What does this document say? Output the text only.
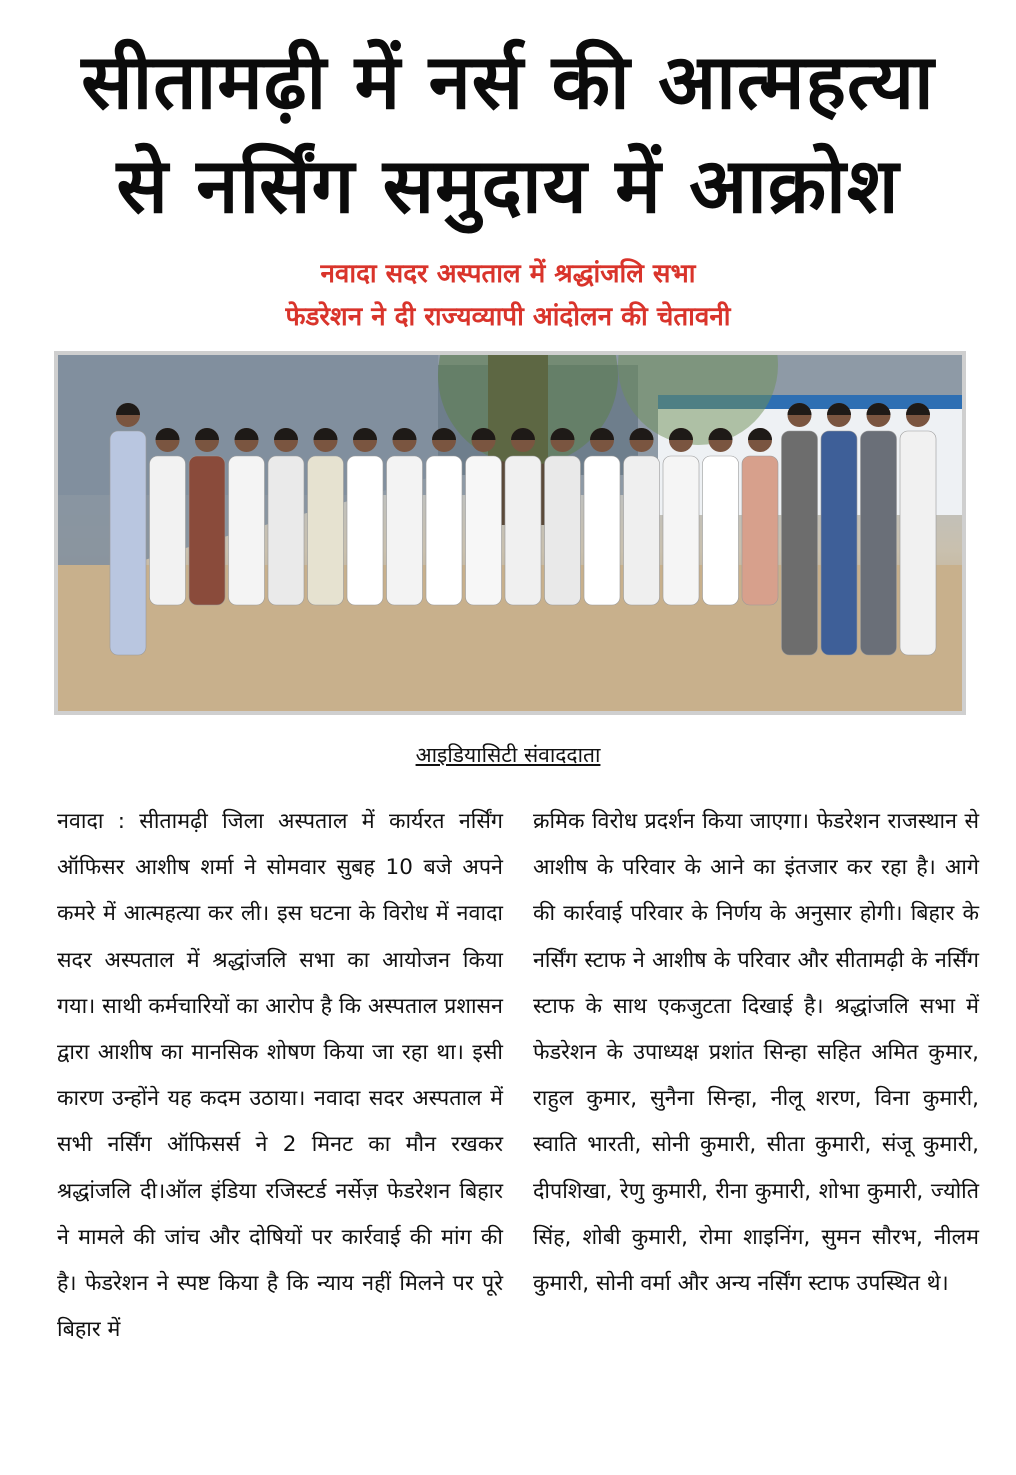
सीतामढ़ी में नर्स की आत्महत्या
से नर्सिंग समुदाय में आक्रोश

नवादा सदर अस्पताल में श्रद्धांजलि सभा

फेडरेशन ने दी राज्यव्यापी आंदोलन की चेतावनी

आइडियासिटी संवाददाता

नवादा : सीतामढ़ी जिला अस्पताल में कार्यरत नर्सिंग ऑफिसर आशीष शर्मा ने सोमवार सुबह 10 बजे अपने कमरे में आत्महत्या कर ली। इस घटना के विरोध में नवादा सदर अस्पताल में श्रद्धांजलि सभा का आयोजन किया गया। साथी कर्मचारियों का आरोप है कि अस्पताल प्रशासन द्वारा आशीष का मानसिक शोषण किया जा रहा था। इसी कारण उन्होंने यह कदम उठाया। नवादा सदर अस्पताल में सभी नर्सिंग ऑफिसर्स ने 2 मिनट का मौन रखकर श्रद्धांजलि दी।ऑल इंडिया रजिस्टर्ड नर्सेज़ फेडरेशन बिहार ने मामले की जांच और दोषियों पर कार्रवाई की मांग की है। फेडरेशन ने स्पष्ट किया है कि न्याय नहीं मिलने पर पूरे बिहार में

क्रमिक विरोध प्रदर्शन किया जाएगा। फेडरेशन राजस्थान से आशीष के परिवार के आने का इंतजार कर रहा है। आगे की कार्रवाई परिवार के निर्णय के अनुसार होगी। बिहार के नर्सिंग स्टाफ ने आशीष के परिवार और सीतामढ़ी के नर्सिंग स्टाफ के साथ एकजुटता दिखाई है। श्रद्धांजलि सभा में फेडरेशन के उपाध्यक्ष प्रशांत सिन्हा सहित अमित कुमार, राहुल कुमार, सुनैना सिन्हा, नीलू शरण, विना कुमारी, स्वाति भारती, सोनी कुमारी, सीता कुमारी, संजू कुमारी, दीपशिखा, रेणु कुमारी, रीना कुमारी, शोभा कुमारी, ज्योति सिंह, शोबी कुमारी, रोमा शाइनिंग, सुमन सौरभ, नीलम कुमारी, सोनी वर्मा और अन्य नर्सिंग स्टाफ उपस्थित थे।
